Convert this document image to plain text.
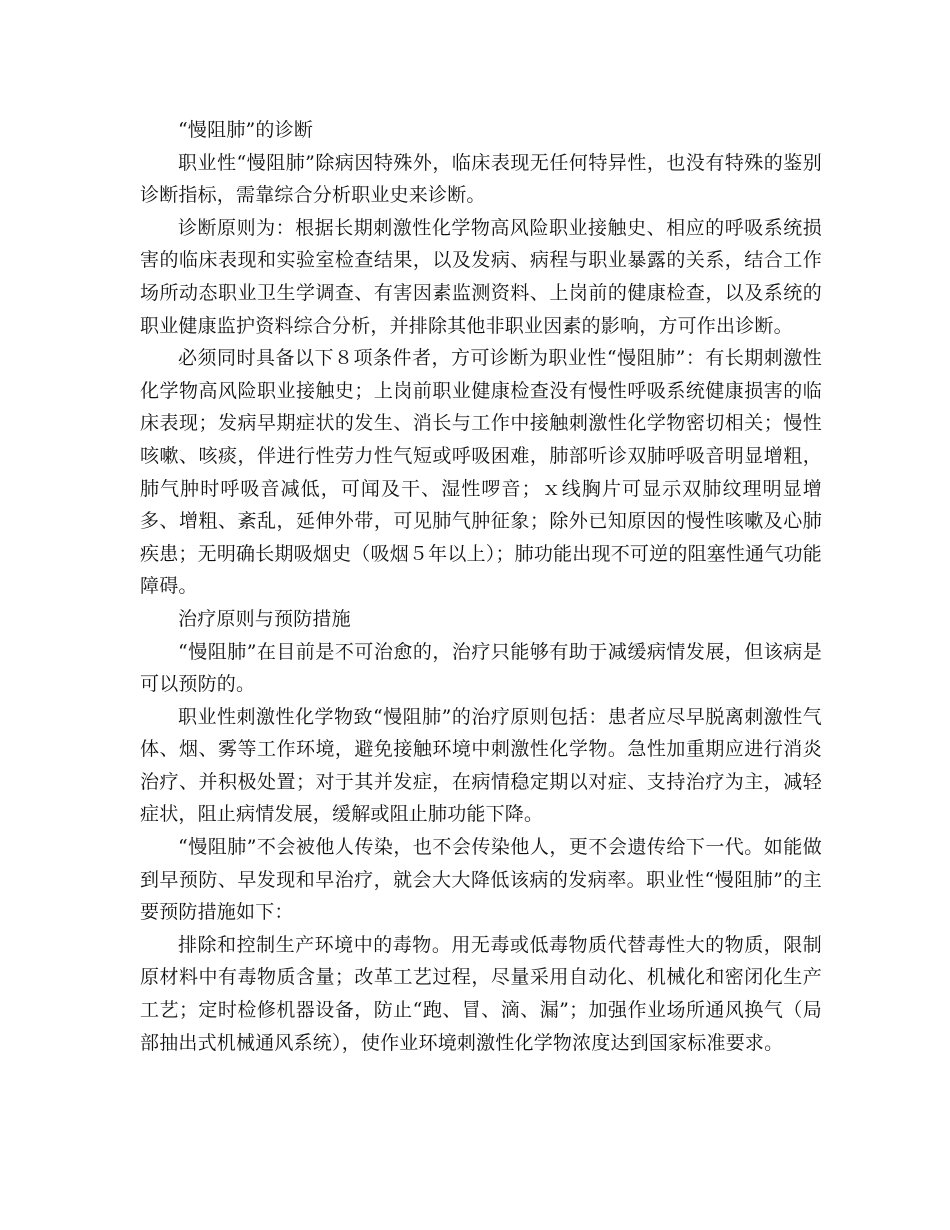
“慢阻肺”的诊断

职业性“慢阻肺”除病因特殊外，临床表现无任何特异性，也没有特殊的鉴别诊断指标，需靠综合分析职业史来诊断。

诊断原则为：根据长期刺激性化学物高风险职业接触史、相应的呼吸系统损害的临床表现和实验室检查结果，以及发病、病程与职业暴露的关系，结合工作场所动态职业卫生学调查、有害因素监测资料、上岗前的健康检查，以及系统的职业健康监护资料综合分析，并排除其他非职业因素的影响，方可作出诊断。

必须同时具备以下８项条件者，方可诊断为职业性“慢阻肺”：有长期刺激性化学物高风险职业接触史；上岗前职业健康检查没有慢性呼吸系统健康损害的临床表现；发病早期症状的发生、消长与工作中接触刺激性化学物密切相关；慢性咳嗽、咳痰，伴进行性劳力性气短或呼吸困难，肺部听诊双肺呼吸音明显增粗，肺气肿时呼吸音减低，可闻及干、湿性啰音；ｘ线胸片可显示双肺纹理明显增多、增粗、紊乱，延伸外带，可见肺气肿征象；除外已知原因的慢性咳嗽及心肺疾患；无明确长期吸烟史（吸烟５年以上）；肺功能出现不可逆的阻塞性通气功能障碍。

治疗原则与预防措施

“慢阻肺”在目前是不可治愈的，治疗只能够有助于减缓病情发展，但该病是可以预防的。

职业性刺激性化学物致“慢阻肺”的治疗原则包括：患者应尽早脱离刺激性气体、烟、雾等工作环境，避免接触环境中刺激性化学物。急性加重期应进行消炎治疗、并积极处置；对于其并发症，在病情稳定期以对症、支持治疗为主，减轻症状，阻止病情发展，缓解或阻止肺功能下降。

“慢阻肺”不会被他人传染，也不会传染他人，更不会遗传给下一代。如能做到早预防、早发现和早治疗，就会大大降低该病的发病率。职业性“慢阻肺”的主要预防措施如下：

排除和控制生产环境中的毒物。用无毒或低毒物质代替毒性大的物质，限制原材料中有毒物质含量；改革工艺过程，尽量采用自动化、机械化和密闭化生产工艺；定时检修机器设备，防止“跑、冒、滴、漏”；加强作业场所通风换气（局部抽出式机械通风系统），使作业环境刺激性化学物浓度达到国家标准要求。
